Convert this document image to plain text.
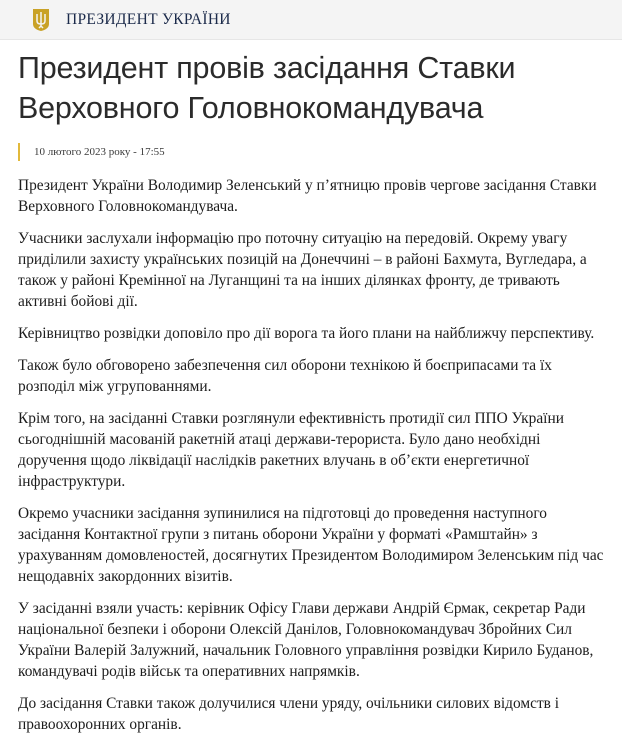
ПРЕЗИДЕНТ УКРАЇНИ
Президент провів засідання Ставки Верховного Головнокомандувача
10 лютого 2023 року - 17:55

Президент України Володимир Зеленський у п’ятницю провів чергове засідання Ставки Верховного Головнокомандувача.

Учасники заслухали інформацію про поточну ситуацію на передовій. Окрему увагу приділили захисту українських позицій на Донеччині – в районі Бахмута, Вугледара, а також у районі Кремінної на Луганщині та на інших ділянках фронту, де тривають активні бойові дії.

Керівництво розвідки доповіло про дії ворога та його плани на найближчу перспективу.

Також було обговорено забезпечення сил оборони технікою й боєприпасами та їх розподіл між угрупованнями.

Крім того, на засіданні Ставки розглянули ефективність протидії сил ППО України сьогоднішній масованій ракетній атаці держави-терориста. Було дано необхідні доручення щодо ліквідації наслідків ракетних влучань в об’єкти енергетичної інфраструктури.

Окремо учасники засідання зупинилися на підготовці до проведення наступного засідання Контактної групи з питань оборони України у форматі «Рамштайн» з урахуванням домовленостей, досягнутих Президентом Володимиром Зеленським під час нещодавніх закордонних візитів.

У засіданні взяли участь: керівник Офісу Глави держави Андрій Єрмак, секретар Ради національної безпеки і оборони Олексій Данілов, Головнокомандувач Збройних Сил України Валерій Залужний, начальник Головного управління розвідки Кирило Буданов, командувачі родів військ та оперативних напрямків.

До засідання Ставки також долучилися члени уряду, очільники силових відомств і правоохоронних органів.
